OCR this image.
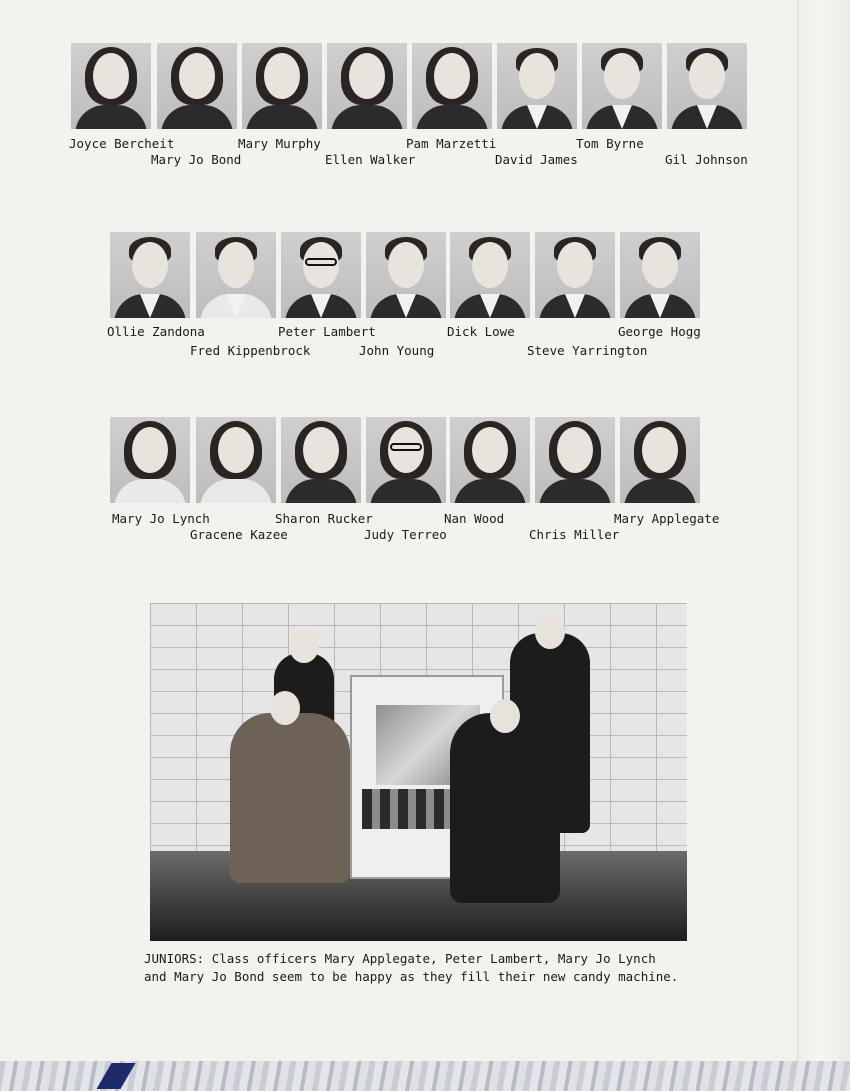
Joyce Bercheit
Mary Jo Bond
Mary Murphy
Ellen Walker
Pam Marzetti
David James
Tom Byrne
Gil Johnson
Ollie Zandona
Fred Kippenbrock
Peter Lambert
John Young
Dick Lowe
Steve Yarrington
George Hogg
Mary Jo Lynch
Gracene Kazee
Sharon Rucker
Judy Terreo
Nan Wood
Chris Miller
Mary Applegate
JUNIORS: Class officers Mary Applegate, Peter Lambert, Mary Jo Lynch
and Mary Jo Bond seem to be happy as they fill their new candy machine.
